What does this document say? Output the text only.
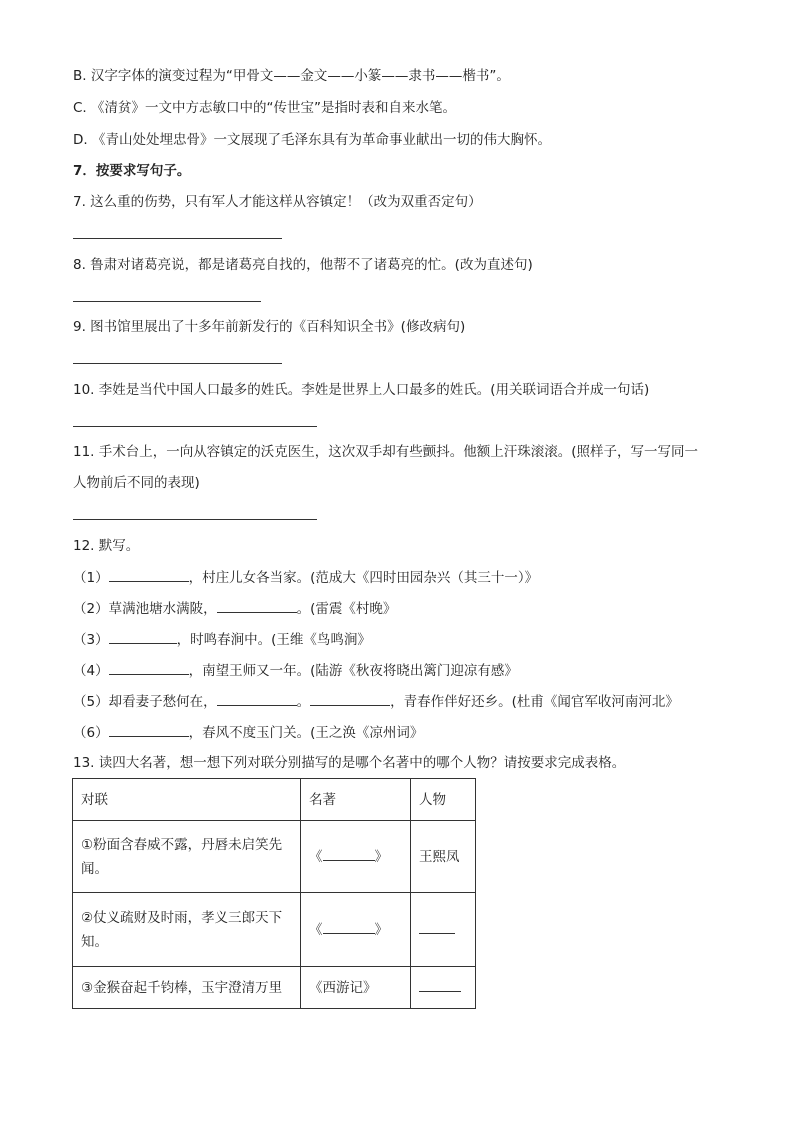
B. 汉字字体的演变过程为“甲骨文——金文——小篆——隶书——楷书”。
C. 《清贫》一文中方志敏口中的“传世宝”是指时表和自来水笔。
D. 《青山处处埋忠骨》一文展现了毛泽东具有为革命事业献出一切的伟大胸怀。
7．按要求写句子。
7. 这么重的伤势，只有军人才能这样从容镇定！（改为双重否定句）
8. 鲁肃对诸葛亮说，都是诸葛亮自找的，他帮不了诸葛亮的忙。(改为直述句)
9. 图书馆里展出了十多年前新发行的《百科知识全书》(修改病句)
10. 李姓是当代中国人口最多的姓氏。李姓是世界上人口最多的姓氏。(用关联词语合并成一句话)
11. 手术台上，一向从容镇定的沃克医生，这次双手却有些颤抖。他额上汗珠滚滚。(照样子，写一写同一
人物前后不同的表现)
12. 默写。
（1）	，村庄儿女各当家。(范成大《四时田园杂兴（其三十一）》
（2）草满池塘水满陂，	。(雷震《村晚》
（3）	，时鸣春涧中。(王维《鸟鸣涧》
（4）	，南望王师又一年。(陆游《秋夜将晓出篱门迎凉有感》
（5）却看妻子愁何在，	。	，青春作伴好还乡。(杜甫《闻官军收河南河北》
（6）	，春风不度玉门关。(王之涣《凉州词》
13. 读四大名著，想一想下列对联分别描写的是哪个名著中的哪个人物？请按要求完成表格。
对联	名著	人物
①粉面含春威不露，丹唇未启笑先
闻。	《 》	王熙凤
②仗义疏财及时雨，孝义三郎天下
知。	《 》	
③金猴奋起千钧棒，玉宇澄清万里	《西游记》	
